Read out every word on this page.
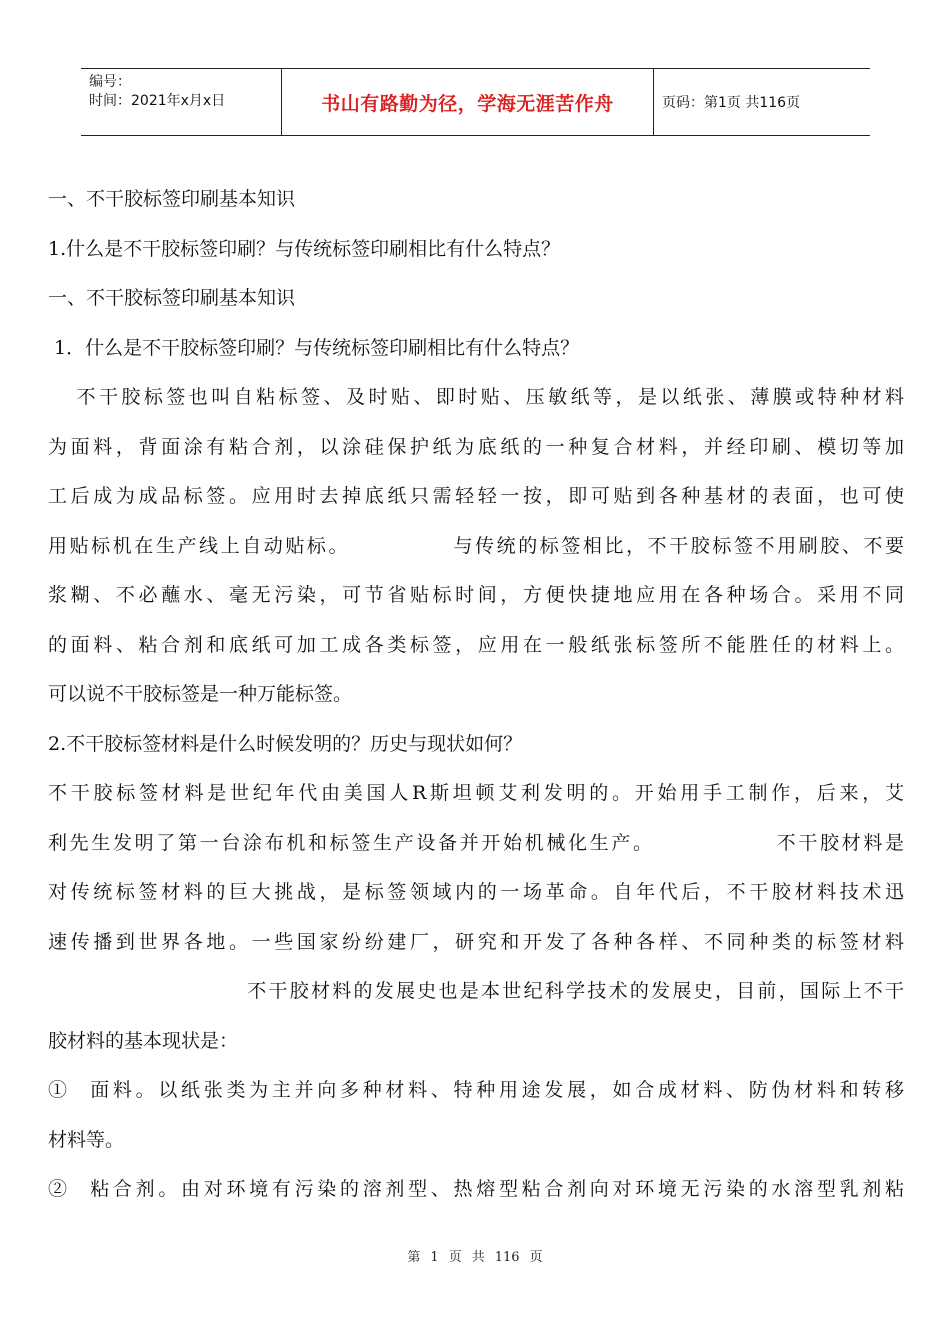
编号：
时间：2021年x月x日	书山有路勤为径，学海无涯苦作舟	页码：第1页 共116页

一、不干胶标签印刷基本知识

1.什么是不干胶标签印刷？与传统标签印刷相比有什么特点？

一、不干胶标签印刷基本知识

1．什么是不干胶标签印刷？与传统标签印刷相比有什么特点？

不干胶标签也叫自粘标签、及时贴、即时贴、压敏纸等，是以纸张、薄膜或特种材料

为面料，背面涂有粘合剂，以涂硅保护纸为底纸的一种复合材料，并经印刷、模切等加

工后成为成品标签。应用时去掉底纸只需轻轻一按，即可贴到各种基材的表面，也可使

用贴标机在生产线上自动贴标。            与传统的标签相比，不干胶标签不用刷胶、不要

浆糊、不必蘸水、毫无污染，可节省贴标时间，方便快捷地应用在各种场合。采用不同

的面料、粘合剂和底纸可加工成各类标签，应用在一般纸张标签所不能胜任的材料上。

可以说不干胶标签是一种万能标签。

2.不干胶标签材料是什么时候发明的？历史与现状如何？

不干胶标签材料是世纪年代由美国人R斯坦顿艾利发明的。开始用手工制作，后来，艾

利先生发明了第一台涂布机和标签生产设备并开始机械化生产。              不干胶材料是

对传统标签材料的巨大挑战，是标签领域内的一场革命。自年代后，不干胶材料技术迅

速传播到世界各地。一些国家纷纷建厂，研究和开发了各种各样、不同种类的标签材料

不干胶材料的发展史也是本世纪科学技术的发展史，目前，国际上不干

胶材料的基本现状是：

①  面料。以纸张类为主并向多种材料、特种用途发展，如合成材料、防伪材料和转移

材料等。

②  粘合剂。由对环境有污染的溶剂型、热熔型粘合剂向对环境无污染的水溶型乳剂粘

第 1 页 共 116 页
